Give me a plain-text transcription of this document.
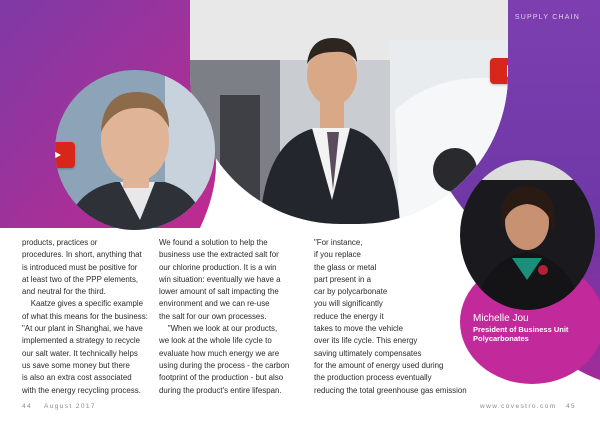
SUPPLY CHAIN
Michelle Jou
President of Business Unit
Polycarbonates

products, practices or

procedures. In short, anything that

is introduced must be positive for

at least two of the PPP elements,

and neutral for the third.

Kaatze gives a specific example

of what this means for the business:

"At our plant in Shanghai, we have

implemented a strategy to recycle

our salt water. It technically helps

us save some money but there

is also an extra cost associated

with the energy recycling process.

We found a solution to help the

business use the extracted salt for

our chlorine production. It is a win

win situation: eventually we have a

lower amount of salt impacting the

environment and we can re-use

the salt for our own processes.

"When we look at our products,

we look at the whole life cycle to

evaluate how much energy we are

using during the process - the carbon

footprint of the production - but also

during the product's entire lifespan.

"For instance,

if you replace

the glass or metal

part present in a

car by polycarbonate

you will significantly

reduce the energy it

takes to move the vehicle

over its life cycle. This energy

saving ultimately compensates

for the amount of energy used during

the production process eventually

reducing the total greenhouse gas emission

44 August 2017	www.covestro.com 45
